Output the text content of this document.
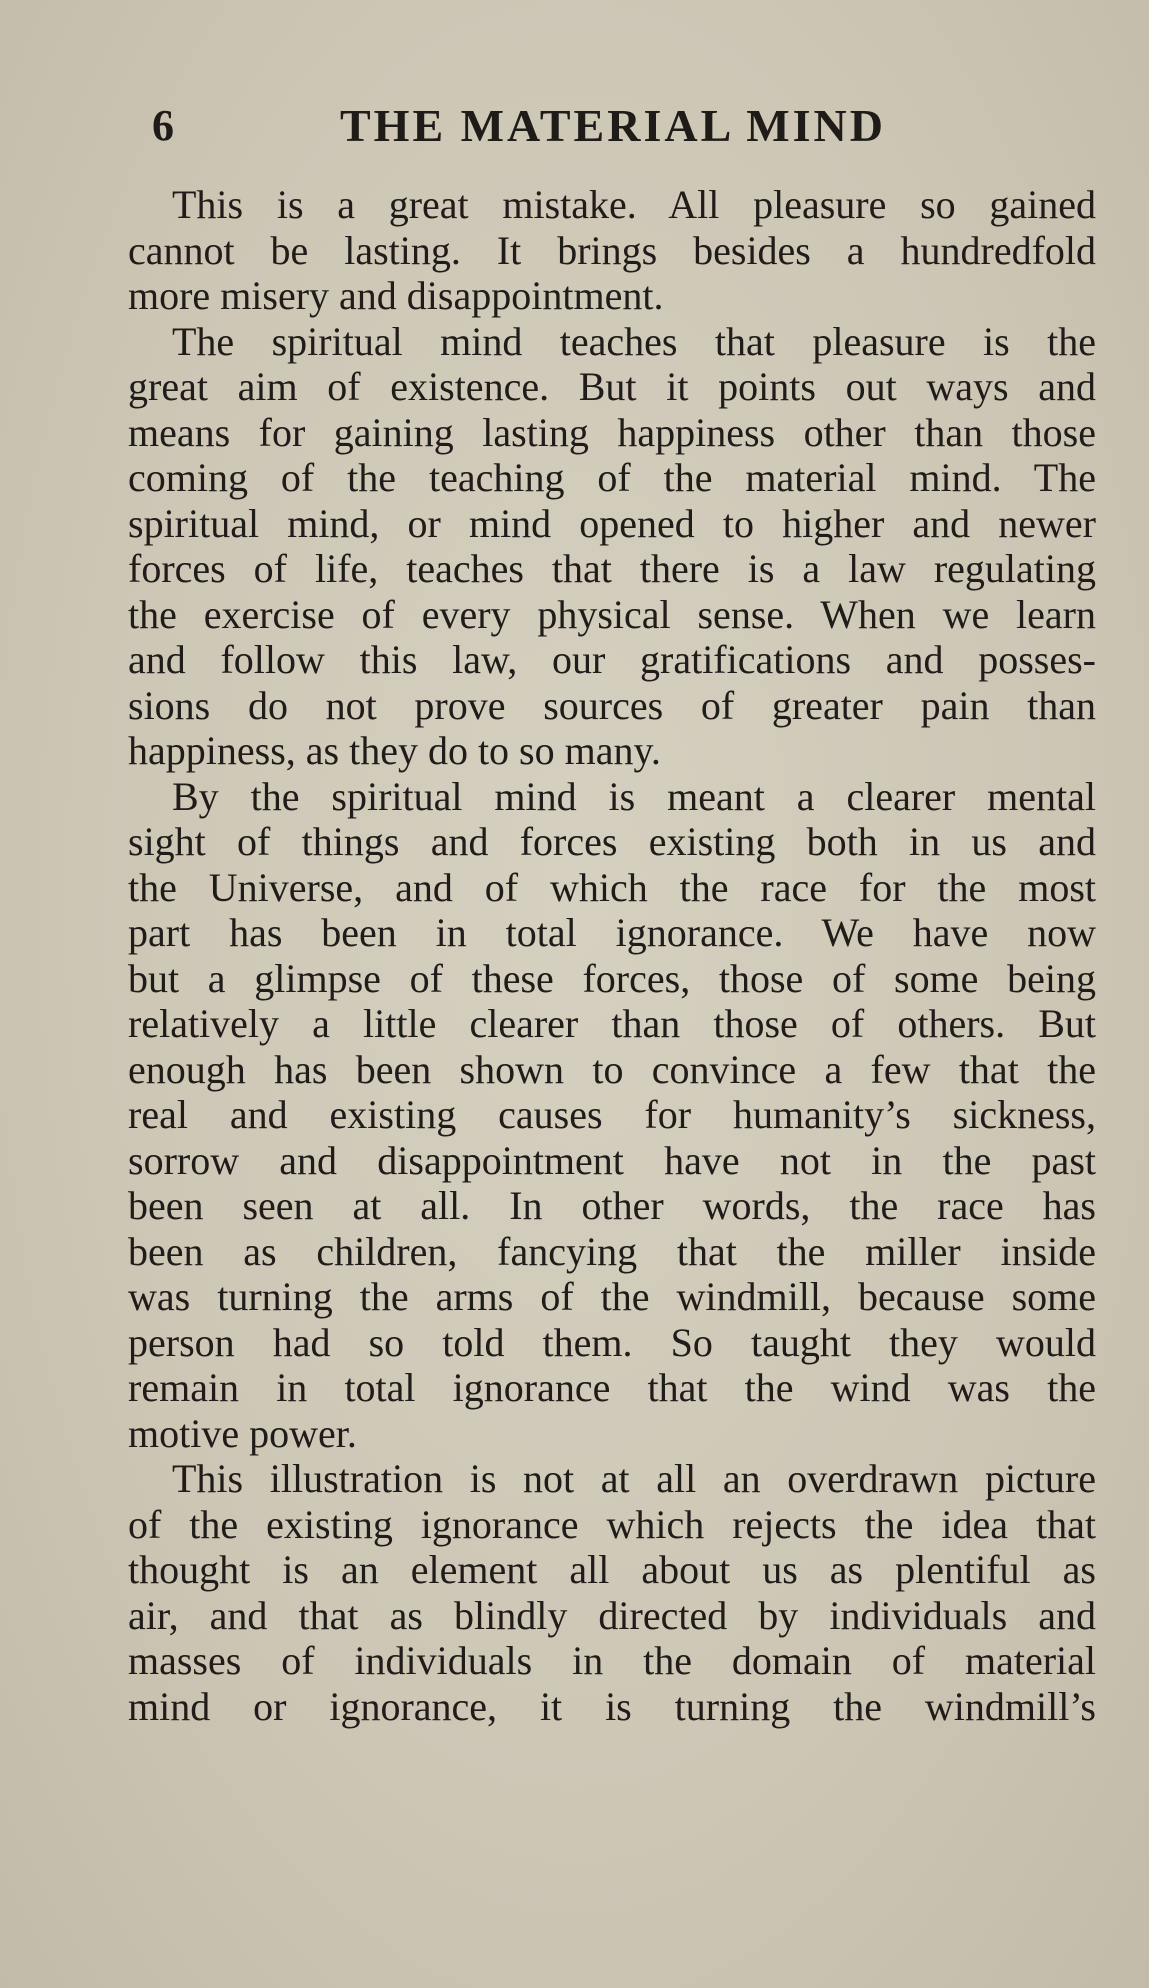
6	THE MATERIAL MIND
This is a great mistake. All pleasure so gained
cannot be lasting. It brings besides a hundredfold
more misery and disappointment.
The spiritual mind teaches that pleasure is the
great aim of existence. But it points out ways and
means for gaining lasting happiness other than those
coming of the teaching of the material mind. The
spiritual mind, or mind opened to higher and newer
forces of life, teaches that there is a law regulating
the exercise of every physical sense. When we learn
and follow this law, our gratifications and posses-
sions do not prove sources of greater pain than
happiness, as they do to so many.
By the spiritual mind is meant a clearer mental
sight of things and forces existing both in us and
the Universe, and of which the race for the most
part has been in total ignorance. We have now
but a glimpse of these forces, those of some being
relatively a little clearer than those of others. But
enough has been shown to convince a few that the
real and existing causes for humanity’s sickness,
sorrow and disappointment have not in the past
been seen at all. In other words, the race has
been as children, fancying that the miller inside
was turning the arms of the windmill, because some
person had so told them. So taught they would
remain in total ignorance that the wind was the
motive power.
This illustration is not at all an overdrawn picture
of the existing ignorance which rejects the idea that
thought is an element all about us as plentiful as
air, and that as blindly directed by individuals and
masses of individuals in the domain of material
mind or ignorance, it is turning the windmill’s
